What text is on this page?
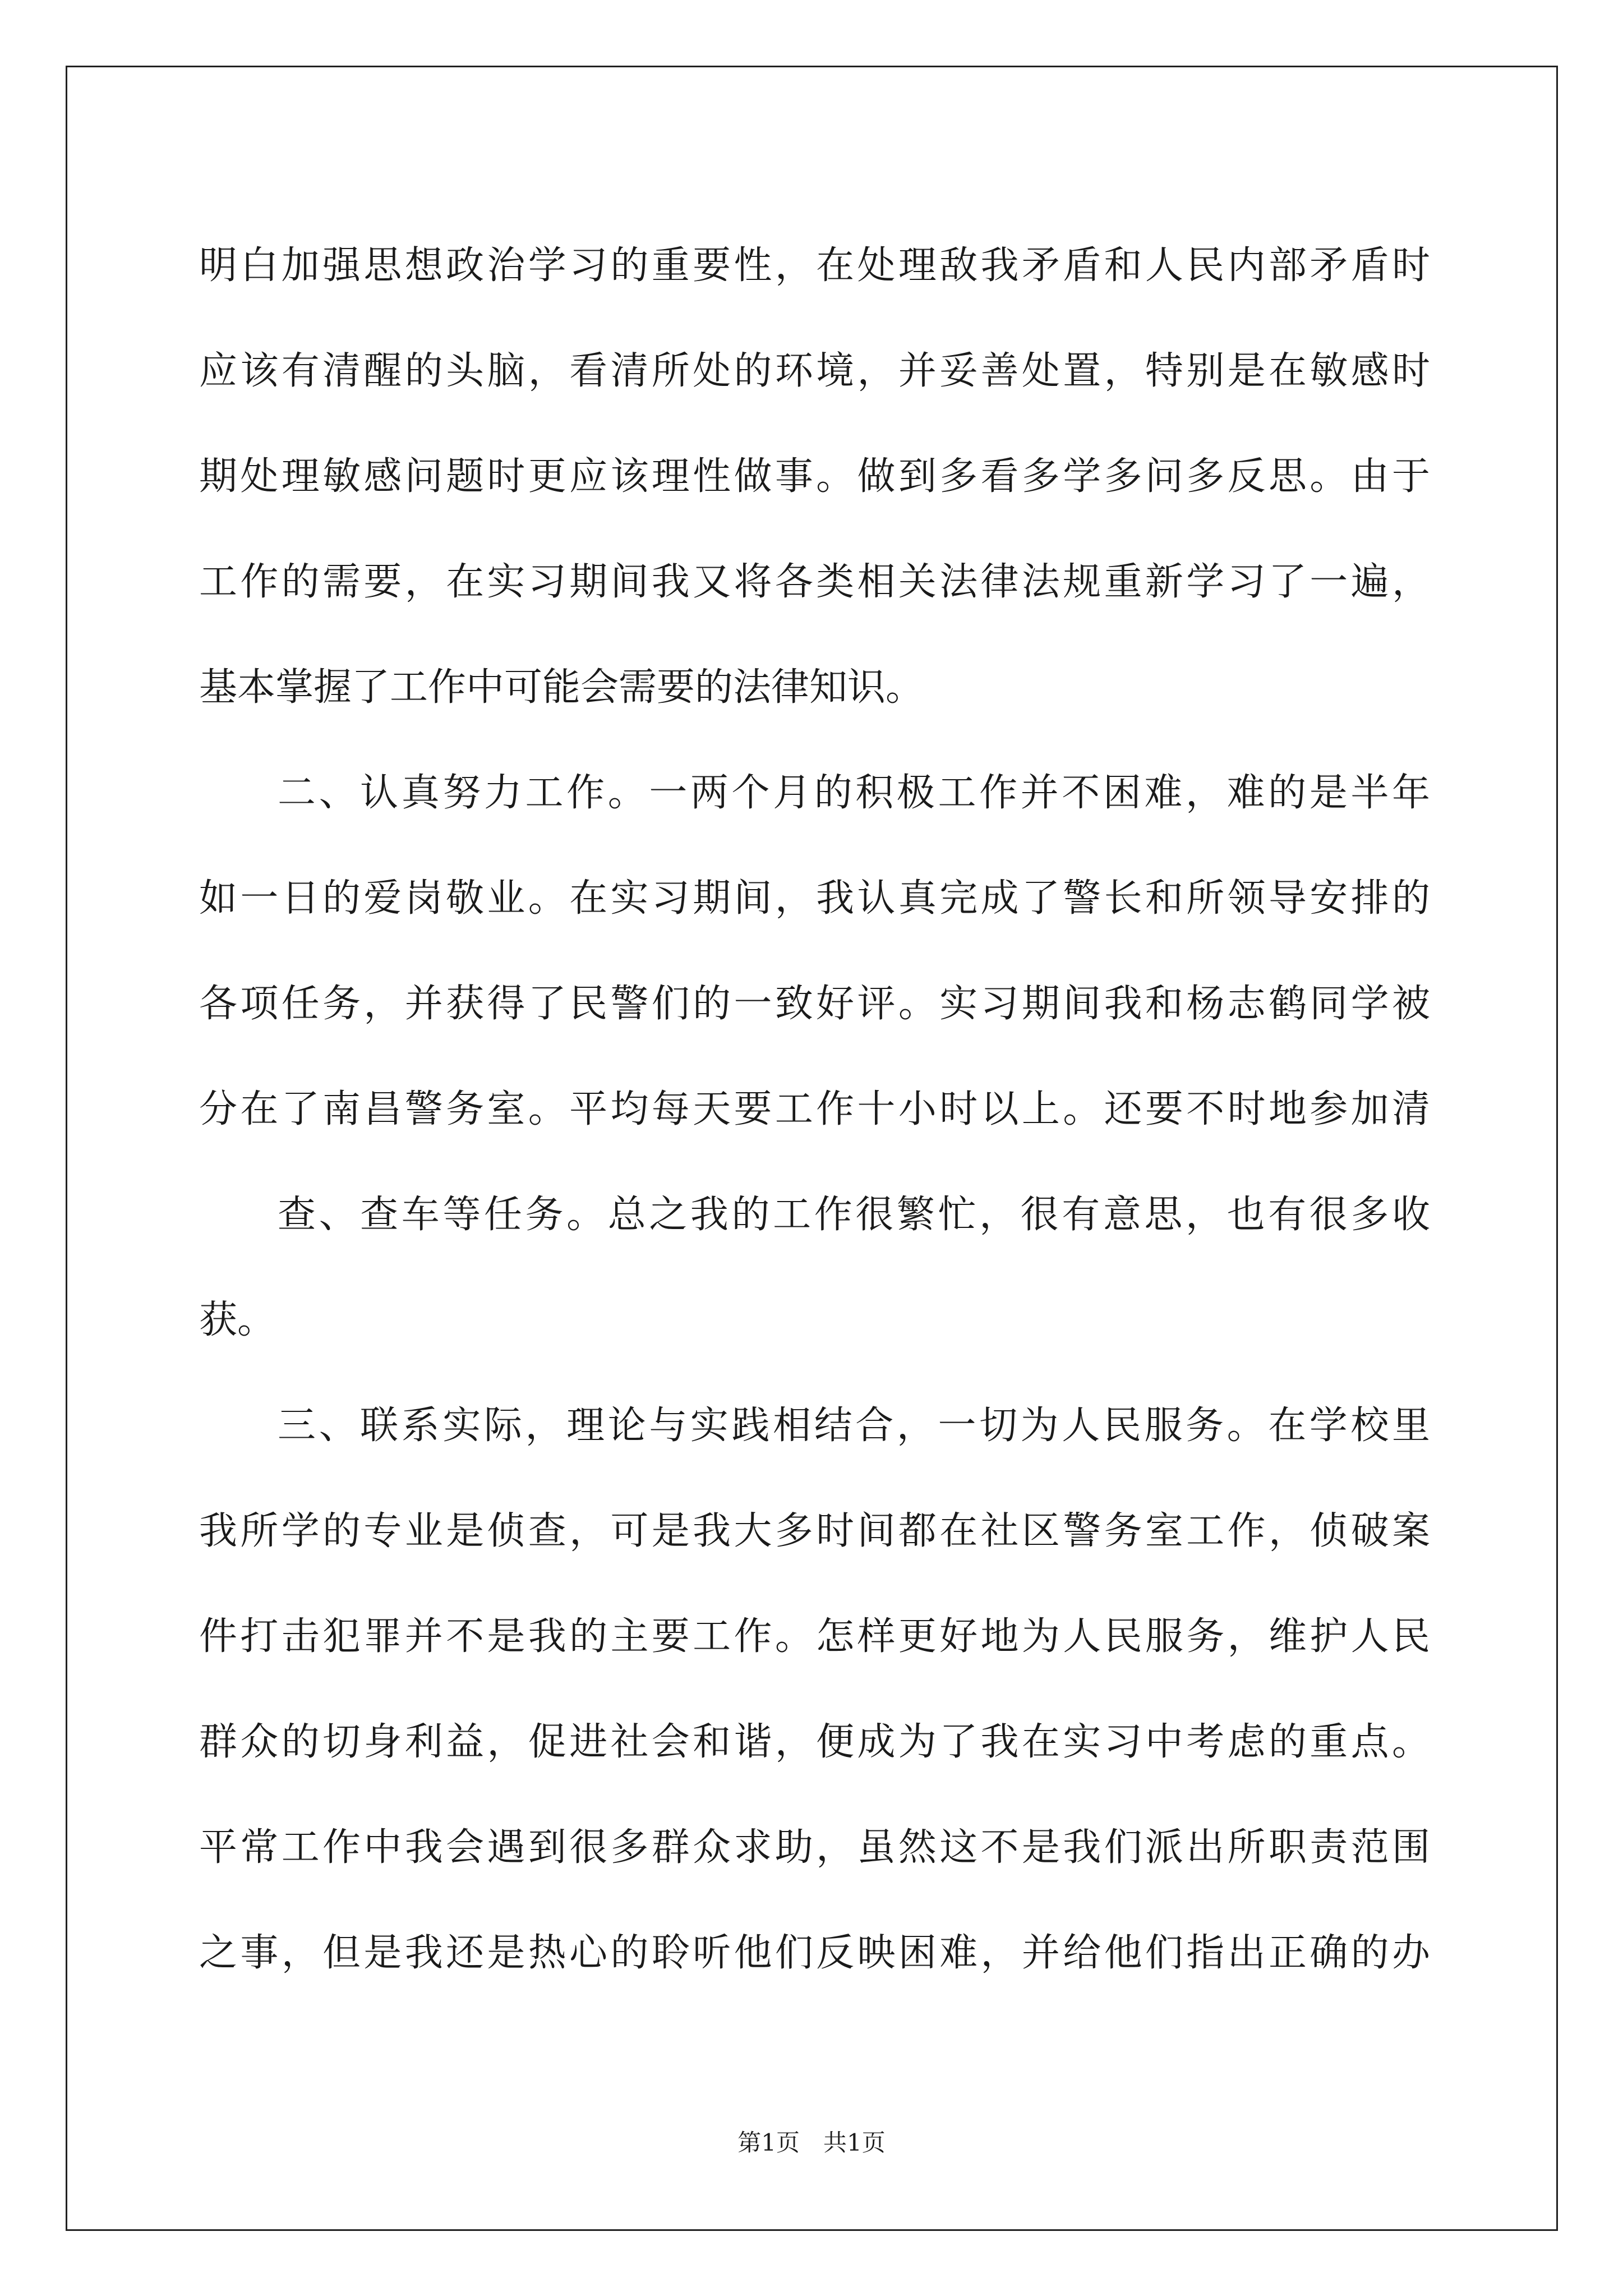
明白加强思想政治学习的重要性，在处理敌我矛盾和人民内部矛盾时
应该有清醒的头脑，看清所处的环境，并妥善处置，特别是在敏感时
期处理敏感问题时更应该理性做事。做到多看多学多问多反思。由于
工作的需要，在实习期间我又将各类相关法律法规重新学习了一遍，
基本掌握了工作中可能会需要的法律知识。
二、认真努力工作。一两个月的积极工作并不困难，难的是半年
如一日的爱岗敬业。在实习期间，我认真完成了警长和所领导安排的
各项任务，并获得了民警们的一致好评。实习期间我和杨志鹤同学被
分在了南昌警务室。平均每天要工作十小时以上。还要不时地参加清
查、查车等任务。总之我的工作很繁忙，很有意思，也有很多收
获。
三、联系实际，理论与实践相结合，一切为人民服务。在学校里
我所学的专业是侦查，可是我大多时间都在社区警务室工作，侦破案
件打击犯罪并不是我的主要工作。怎样更好地为人民服务，维护人民
群众的切身利益，促进社会和谐，便成为了我在实习中考虑的重点。
平常工作中我会遇到很多群众求助，虽然这不是我们派出所职责范围
之事，但是我还是热心的聆听他们反映困难，并给他们指出正确的办
第1页　共1页
